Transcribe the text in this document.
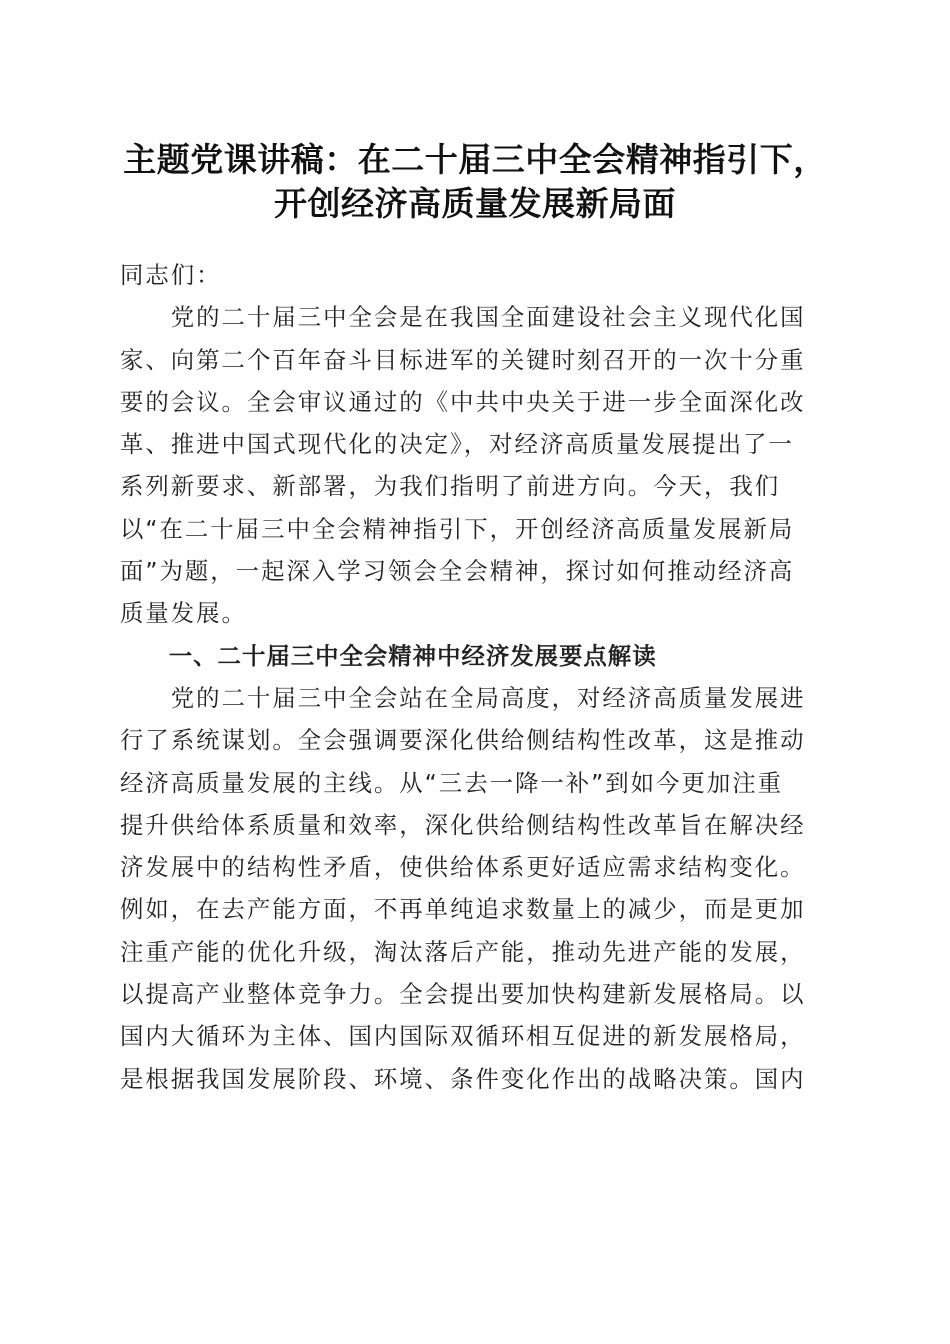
主题党课讲稿：在二十届三中全会精神指引下，
开创经济高质量发展新局面
同志们：
　　党的二十届三中全会是在我国全面建设社会主义现代化国
家、向第二个百年奋斗目标进军的关键时刻召开的一次十分重
要的会议。全会审议通过的《中共中央关于进一步全面深化改
革、推进中国式现代化的决定》，对经济高质量发展提出了一
系列新要求、新部署，为我们指明了前进方向。今天，我们
以“在二十届三中全会精神指引下，开创经济高质量发展新局
面”为题，一起深入学习领会全会精神，探讨如何推动经济高
质量发展。
　　一、二十届三中全会精神中经济发展要点解读
　　党的二十届三中全会站在全局高度，对经济高质量发展进
行了系统谋划。全会强调要深化供给侧结构性改革，这是推动
经济高质量发展的主线。从“三去一降一补”到如今更加注重
提升供给体系质量和效率，深化供给侧结构性改革旨在解决经
济发展中的结构性矛盾，使供给体系更好适应需求结构变化。
例如，在去产能方面，不再单纯追求数量上的减少，而是更加
注重产能的优化升级，淘汰落后产能，推动先进产能的发展，
以提高产业整体竞争力。全会提出要加快构建新发展格局。以
国内大循环为主体、国内国际双循环相互促进的新发展格局，
是根据我国发展阶段、环境、条件变化作出的战略决策。国内
